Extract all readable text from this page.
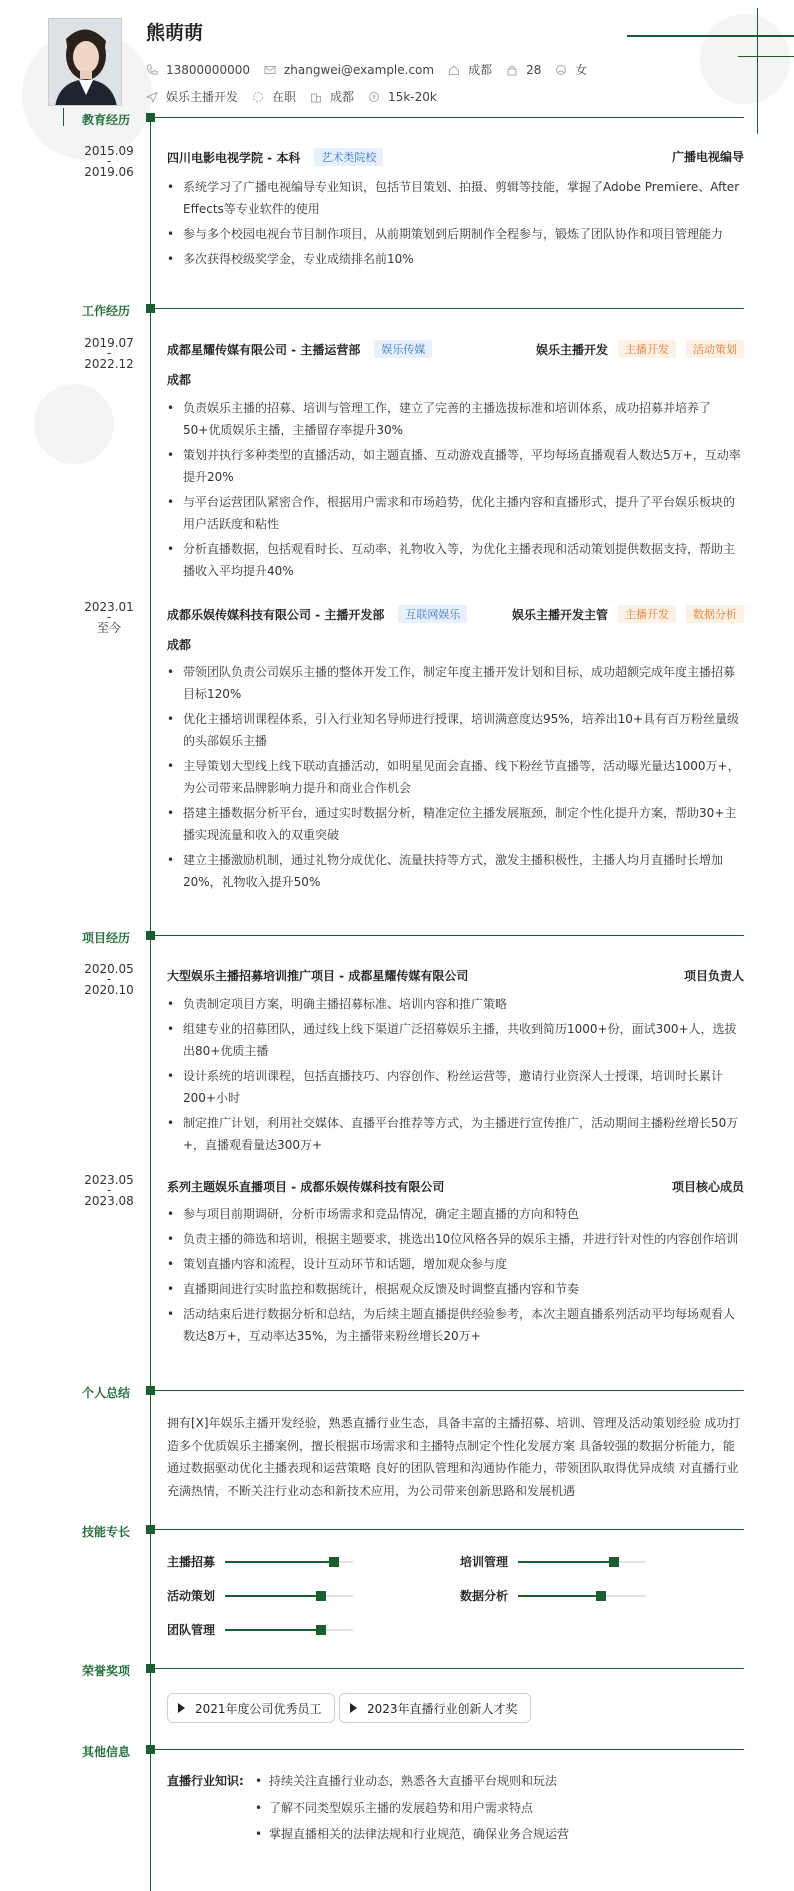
熊萌萌
13800000000	zhangwei@example.com	成都	28	女
娱乐主播开发	在职	成都	15k-20k
教育经历
2015.09
-
2019.06
四川电影电视学院 - 本科	艺术类院校	广播电视编导
• 系统学习了广播电视编导专业知识，包括节目策划、拍摄、剪辑等技能，掌握了Adobe Premiere、After Effects等专业软件的使用
• 参与多个校园电视台节目制作项目，从前期策划到后期制作全程参与，锻炼了团队协作和项目管理能力
• 多次获得校级奖学金，专业成绩排名前10%
工作经历
2019.07
-
2022.12
成都星耀传媒有限公司 - 主播运营部	娱乐传媒	娱乐主播开发	主播开发	活动策划
成都
• 负责娱乐主播的招募、培训与管理工作，建立了完善的主播选拔标准和培训体系，成功招募并培养了50+优质娱乐主播，主播留存率提升30%
• 策划并执行多种类型的直播活动，如主题直播、互动游戏直播等，平均每场直播观看人数达5万+，互动率提升20%
• 与平台运营团队紧密合作，根据用户需求和市场趋势，优化主播内容和直播形式，提升了平台娱乐板块的用户活跃度和粘性
• 分析直播数据，包括观看时长、互动率、礼物收入等，为优化主播表现和活动策划提供数据支持，帮助主播收入平均提升40%
2023.01
-
至今
成都乐娱传媒科技有限公司 - 主播开发部	互联网娱乐	娱乐主播开发主管	主播开发	数据分析
成都
• 带领团队负责公司娱乐主播的整体开发工作，制定年度主播开发计划和目标，成功超额完成年度主播招募目标120%
• 优化主播培训课程体系，引入行业知名导师进行授课，培训满意度达95%，培养出10+具有百万粉丝量级的头部娱乐主播
• 主导策划大型线上线下联动直播活动，如明星见面会直播、线下粉丝节直播等，活动曝光量达1000万+，为公司带来品牌影响力提升和商业合作机会
• 搭建主播数据分析平台，通过实时数据分析，精准定位主播发展瓶颈，制定个性化提升方案，帮助30+主播实现流量和收入的双重突破
• 建立主播激励机制，通过礼物分成优化、流量扶持等方式，激发主播积极性，主播人均月直播时长增加20%，礼物收入提升50%
项目经历
2020.05
-
2020.10
大型娱乐主播招募培训推广项目 - 成都星耀传媒有限公司	项目负责人
• 负责制定项目方案，明确主播招募标准、培训内容和推广策略
• 组建专业的招募团队，通过线上线下渠道广泛招募娱乐主播，共收到简历1000+份，面试300+人，选拔出80+优质主播
• 设计系统的培训课程，包括直播技巧、内容创作、粉丝运营等，邀请行业资深人士授课，培训时长累计200+小时
• 制定推广计划，利用社交媒体、直播平台推荐等方式，为主播进行宣传推广，活动期间主播粉丝增长50万+，直播观看量达300万+
2023.05
-
2023.08
系列主题娱乐直播项目 - 成都乐娱传媒科技有限公司	项目核心成员
• 参与项目前期调研，分析市场需求和竞品情况，确定主题直播的方向和特色
• 负责主播的筛选和培训，根据主题要求，挑选出10位风格各异的娱乐主播，并进行针对性的内容创作培训
• 策划直播内容和流程，设计互动环节和话题，增加观众参与度
• 直播期间进行实时监控和数据统计，根据观众反馈及时调整直播内容和节奏
• 活动结束后进行数据分析和总结，为后续主题直播提供经验参考，本次主题直播系列活动平均每场观看人数达8万+，互动率达35%，为主播带来粉丝增长20万+
个人总结
拥有[X]年娱乐主播开发经验，熟悉直播行业生态，具备丰富的主播招募、培训、管理及活动策划经验 成功打造多个优质娱乐主播案例，擅长根据市场需求和主播特点制定个性化发展方案 具备较强的数据分析能力，能通过数据驱动优化主播表现和运营策略 良好的团队管理和沟通协作能力，带领团队取得优异成绩 对直播行业充满热情，不断关注行业动态和新技术应用，为公司带来创新思路和发展机遇
技能专长
主播招募	培训管理
活动策划	数据分析
团队管理
荣誉奖项
2021年度公司优秀员工	2023年直播行业创新人才奖
其他信息
直播行业知识:
•	持续关注直播行业动态，熟悉各大直播平台规则和玩法
• 了解不同类型娱乐主播的发展趋势和用户需求特点
• 掌握直播相关的法律法规和行业规范，确保业务合规运营
